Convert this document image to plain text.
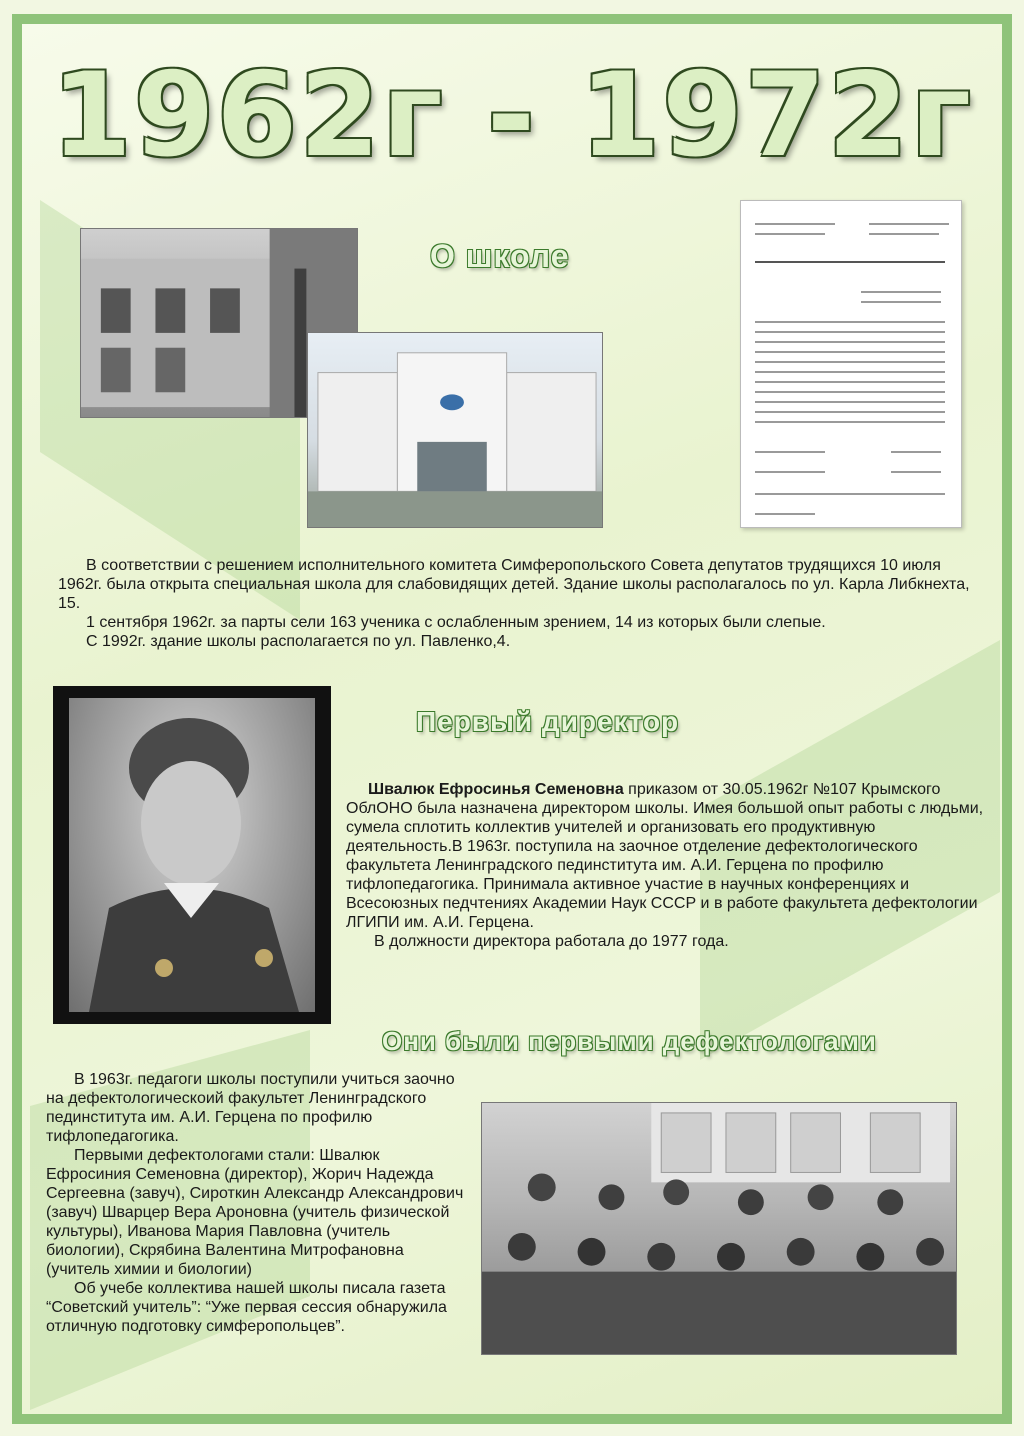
1962г - 1972г
О школе

В соответствии с решением исполнительного комитета Симферопольского Совета депутатов трудящихся 10 июля 1962г. была открыта специальная школа для слабовидящих детей. Здание школы располагалось по ул. Карла Либкнехта, 15.

1 сентября 1962г. за парты сели 163 ученика с ослабленным зрением, 14 из которых были слепые.

С 1992г. здание школы располагается по ул. Павленко,4.

Первый директор

Швалюк Ефросинья Семеновна приказом от 30.05.1962г №107 Крымского ОблОНО была назначена директором школы. Имея большой опыт работы с людьми, сумела сплотить коллектив учителей и организовать его продуктивную деятельность.В 1963г. поступила на заочное отделение дефектологического факультета Ленинградского пединститута им. А.И. Герцена по профилю тифлопедагогика. Принимала активное участие в научных конференциях и Всесоюзных педчтениях Академии Наук СССР и в работе факультета дефектологии ЛГИПИ им. А.И. Герцена.

В должности директора работала до 1977 года.

Они были первыми дефектологами

В 1963г. педагоги школы поступили учиться заочно на дефектологическоий факультет Ленинградского пединститута им. А.И. Герцена по профилю тифлопедагогика.

Первыми дефектологами стали: Швалюк Ефросиния Семеновна (директор), Жорич Надежда Сергеевна (завуч), Сироткин Александр Александрович (завуч) Шварцер Вера Ароновна (учитель физической культуры), Иванова Мария Павловна (учитель биологии), Скрябина Валентина Митрофановна (учитель химии и биологии)

Об учебе коллектива нашей школы писала газета “Советский учитель”: “Уже первая сессия обнаружила отличную подготовку симферопольцев”.
